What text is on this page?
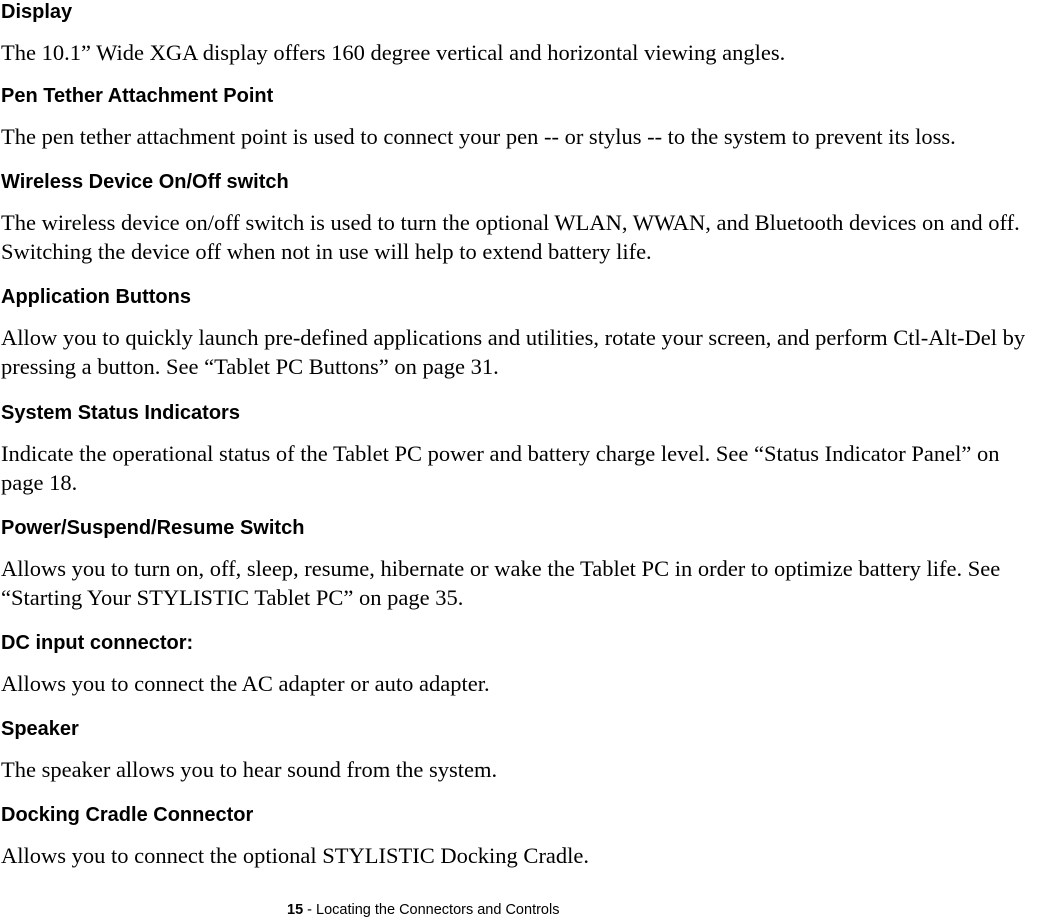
Display

The 10.1” Wide XGA display offers 160 degree vertical and horizontal viewing angles.

Pen Tether Attachment Point

The pen tether attachment point is used to connect your pen -- or stylus -- to the system to prevent its loss.

Wireless Device On/Off switch

The wireless device on/off switch is used to turn the optional WLAN, WWAN, and Bluetooth devices on and off. Switching the device off when not in use will help to extend battery life.

Application Buttons

Allow you to quickly launch pre-defined applications and utilities, rotate your screen, and perform Ctl-Alt-Del by pressing a button. See “Tablet PC Buttons” on page 31.

System Status Indicators

Indicate the operational status of the Tablet PC power and battery charge level. See “Status Indicator Panel” on page 18.

Power/Suspend/Resume Switch

Allows you to turn on, off, sleep, resume, hibernate or wake the Tablet PC in order to optimize battery life. See “Starting Your STYLISTIC Tablet PC” on page 35.

DC input connector:

Allows you to connect the AC adapter or auto adapter.

Speaker

The speaker allows you to hear sound from the system.

Docking Cradle Connector

Allows you to connect the optional STYLISTIC Docking Cradle.

15 - Locating the Connectors and Controls
